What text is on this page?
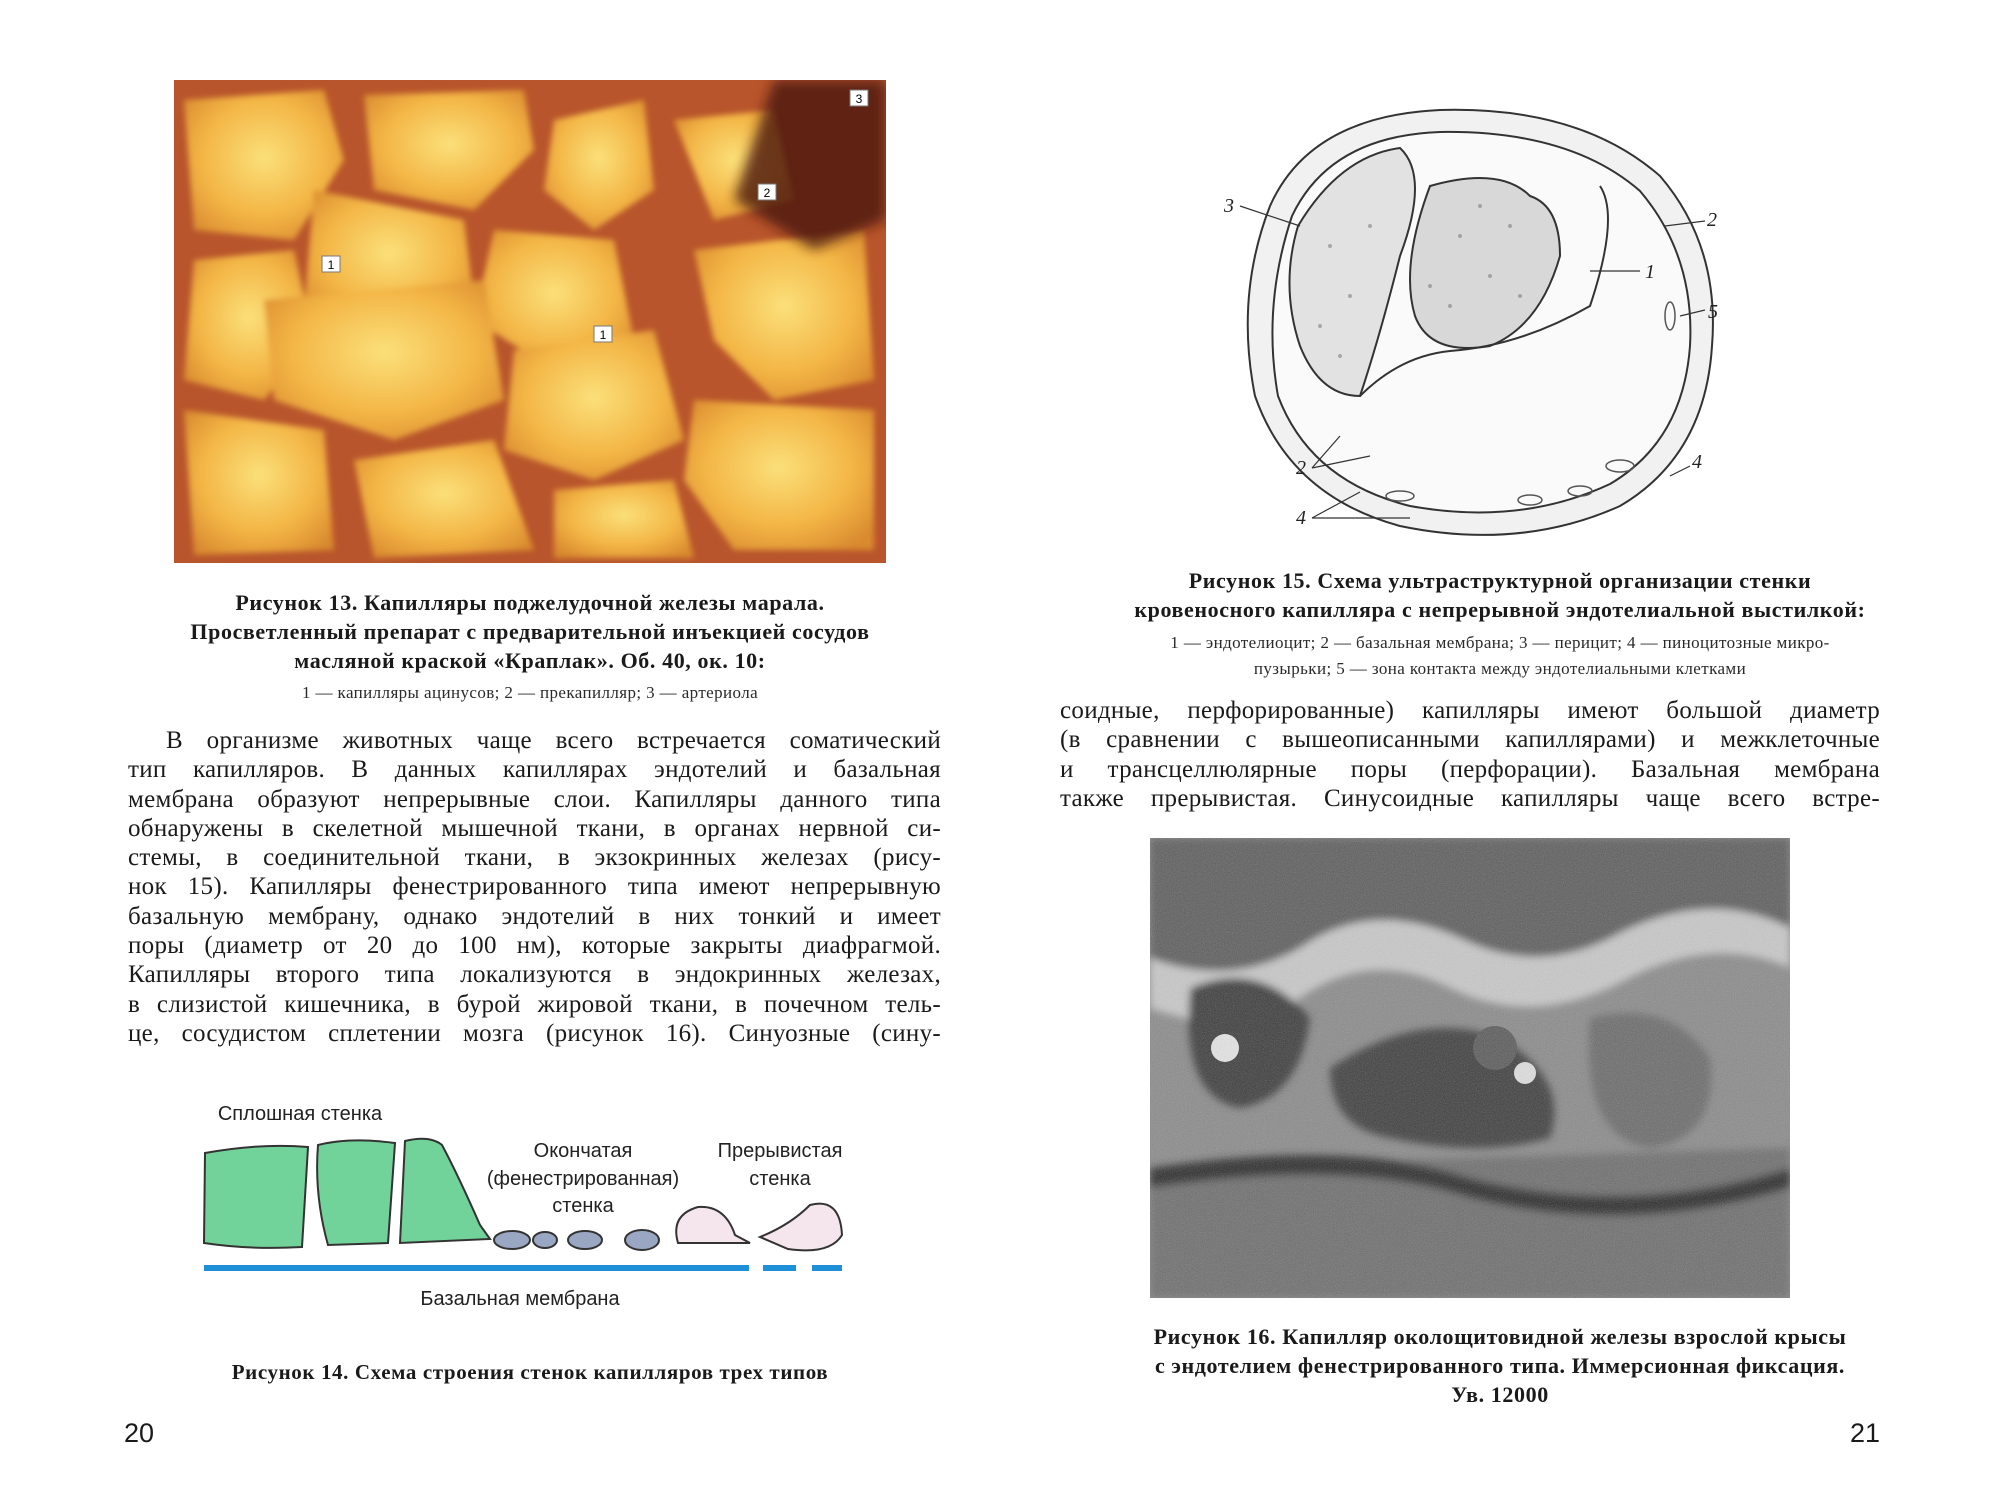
1
1
2
3
Рисунок 13. Капилляры поджелудочной железы марала.
Просветленный препарат с предварительной инъекцией сосудов
масляной краской «Краплак». Об. 40, ок. 10:
1 — капилляры ацинусов; 2 — прекапилляр; 3 — артериола
В организме животных чаще всего встречается соматический
тип капилляров. В данных капиллярах эндотелий и базальная
мембрана образуют непрерывные слои. Капилляры данного типа
обнаружены в скелетной мышечной ткани, в органах нервной си-
стемы, в соединительной ткани, в экзокринных железах (рису-
нок 15). Капилляры фенестрированного типа имеют непрерывную
базальную мембрану, однако эндотелий в них тонкий и имеет
поры (диаметр от 20 до 100 нм), которые закрыты диафрагмой.
Капилляры второго типа локализуются в эндокринных железах,
в слизистой кишечника, в бурой жировой ткани, в почечном тель-
це, сосудистом сплетении мозга (рисунок 16). Синуозные (сину-
Сплошная стенка
Окончатая
(фенестрированная)
стенка
Прерывистая
стенка
Базальная мембрана
Рисунок 14. Схема строения стенок капилляров трех типов
20
3
2
1
5
2
4
4
Рисунок 15. Схема ультраструктурной организации стенки
кровеносного капилляра с непрерывной эндотелиальной выстилкой:
1 — эндотелиоцит; 2 — базальная мембрана; 3 — перицит; 4 — пиноцитозные микро-
пузырьки; 5 — зона контакта между эндотелиальными клетками
соидные, перфорированные) капилляры имеют большой диаметр
(в сравнении с вышеописанными капиллярами) и межклеточные
и трансцеллюлярные поры (перфорации). Базальная мембрана
также прерывистая. Синусоидные капилляры чаще всего встре-
Рисунок 16. Капилляр околощитовидной железы взрослой крысы
с эндотелием фенестрированного типа. Иммерсионная фиксация.
Ув. 12000
21
